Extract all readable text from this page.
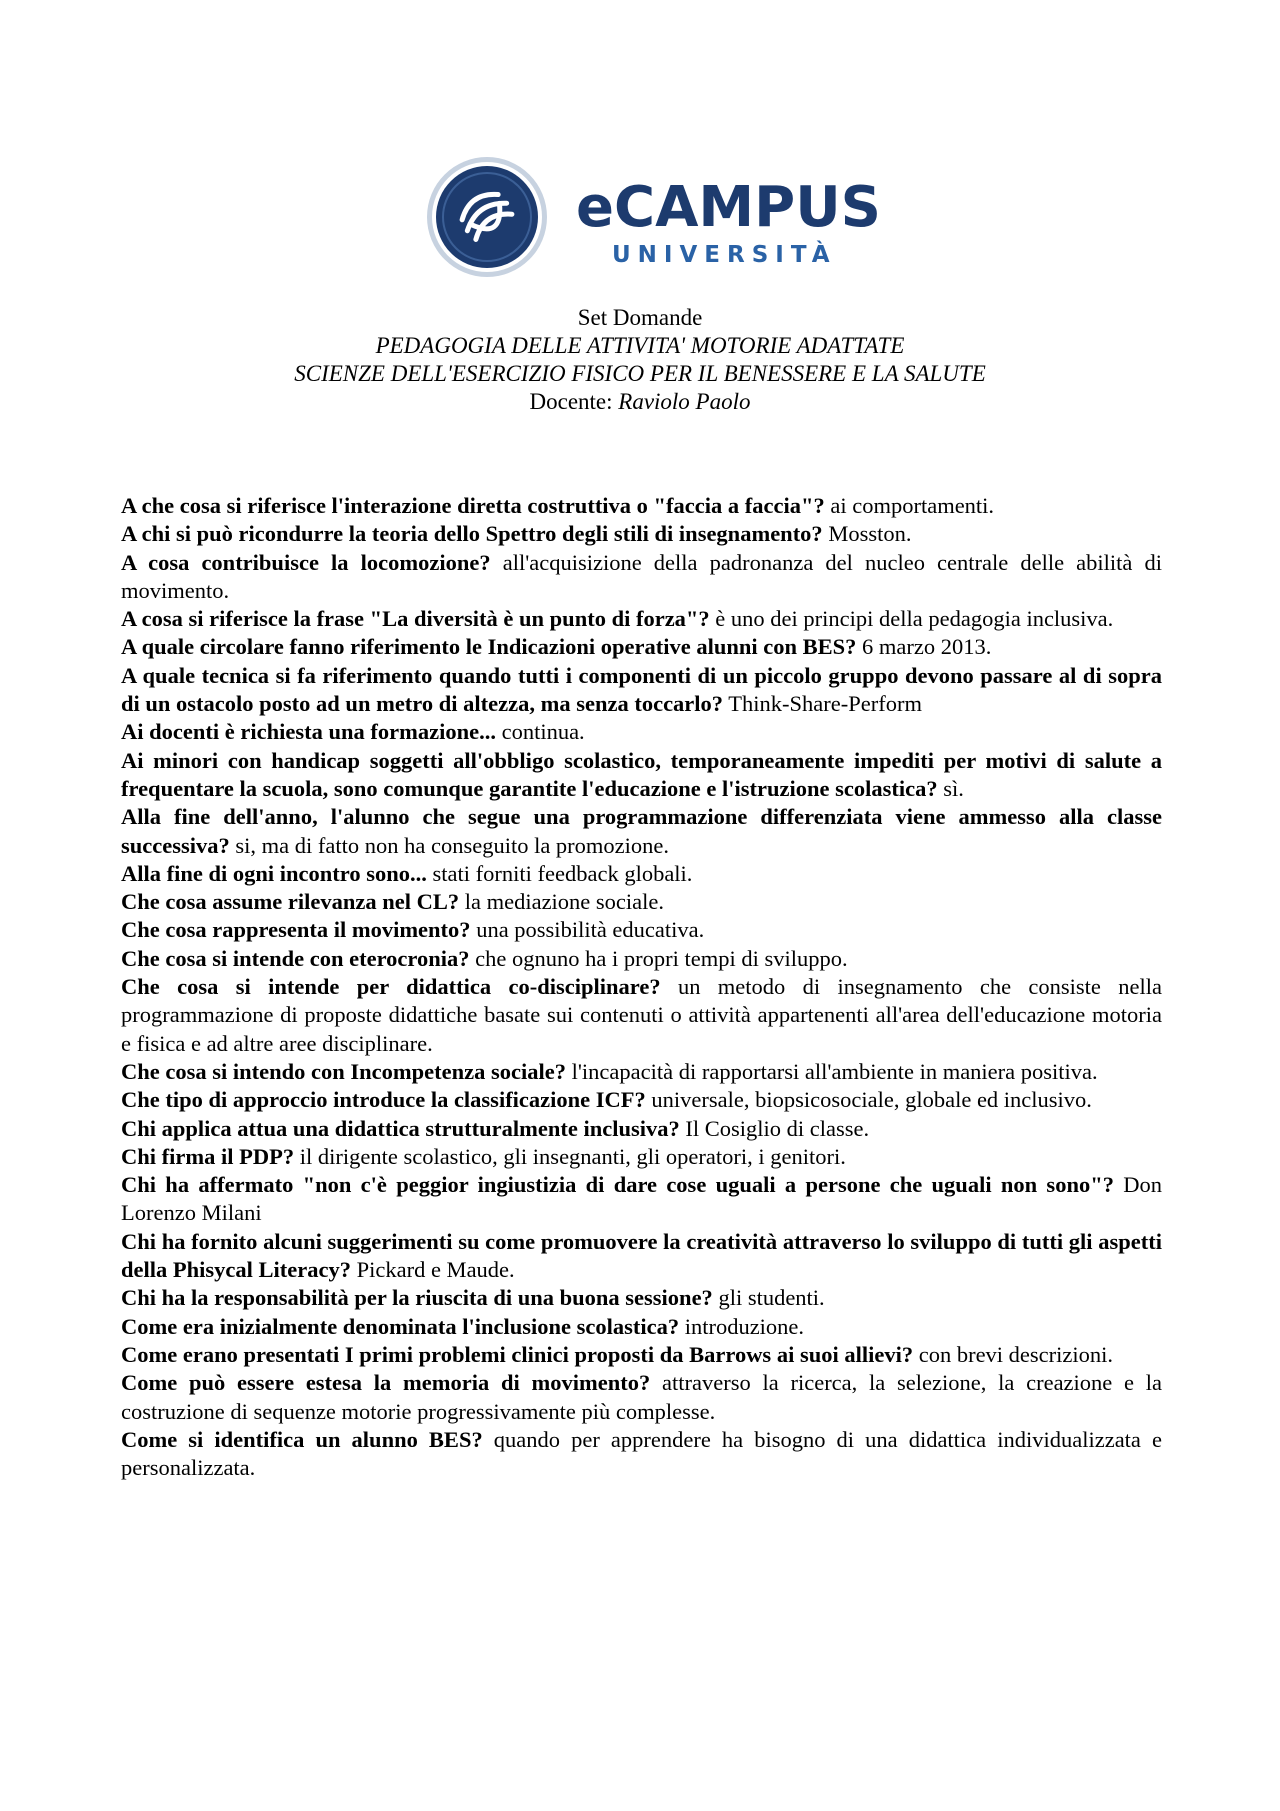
eCAMPUS
UNIVERSITÀ
Set Domande
PEDAGOGIA DELLE ATTIVITA' MOTORIE ADATTATE
SCIENZE DELL'ESERCIZIO FISICO PER IL BENESSERE E LA SALUTE
Docente: Raviolo Paolo

A che cosa si riferisce l'interazione diretta costruttiva o "faccia a faccia"? ai comportamenti.

A chi si può ricondurre la teoria dello Spettro degli stili di insegnamento? Mosston.

A cosa contribuisce la locomozione? all'acquisizione della padronanza del nucleo centrale delle abilità di movimento.

A cosa si riferisce la frase "La diversità è un punto di forza"? è uno dei principi della pedagogia inclusiva.

A quale circolare fanno riferimento le Indicazioni operative alunni con BES? 6 marzo 2013.

A quale tecnica si fa riferimento quando tutti i componenti di un piccolo gruppo devono passare al di sopra di un ostacolo posto ad un metro di altezza, ma senza toccarlo? Think-Share-Perform

Ai docenti è richiesta una formazione... continua.

Ai minori con handicap soggetti all'obbligo scolastico, temporaneamente impediti per motivi di salute a frequentare la scuola, sono comunque garantite l'educazione e l'istruzione scolastica? sì.

Alla fine dell'anno, l'alunno che segue una programmazione differenziata viene ammesso alla classe successiva? si, ma di fatto non ha conseguito la promozione.

Alla fine di ogni incontro sono... stati forniti feedback globali.

Che cosa assume rilevanza nel CL? la mediazione sociale.

Che cosa rappresenta il movimento? una possibilità educativa.

Che cosa si intende con eterocronia? che ognuno ha i propri tempi di sviluppo.

Che cosa si intende per didattica co-disciplinare? un metodo di insegnamento che consiste nella programmazione di proposte didattiche basate sui contenuti o attività appartenenti all'area dell'educazione motoria e fisica e ad altre aree disciplinare.

Che cosa si intendo con Incompetenza sociale? l'incapacità di rapportarsi all'ambiente in maniera positiva.

Che tipo di approccio introduce la classificazione ICF? universale, biopsicosociale, globale ed inclusivo.

Chi applica attua una didattica strutturalmente inclusiva? Il Cosiglio di classe.

Chi firma il PDP? il dirigente scolastico, gli insegnanti, gli operatori, i genitori.

Chi ha affermato "non c'è peggior ingiustizia di dare cose uguali a persone che uguali non sono"? Don Lorenzo Milani

Chi ha fornito alcuni suggerimenti su come promuovere la creatività attraverso lo sviluppo di tutti gli aspetti della Phisycal Literacy? Pickard e Maude.

Chi ha la responsabilità per la riuscita di una buona sessione? gli studenti.

Come era inizialmente denominata l'inclusione scolastica? introduzione.

Come erano presentati I primi problemi clinici proposti da Barrows ai suoi allievi? con brevi descrizioni.

Come può essere estesa la memoria di movimento? attraverso la ricerca, la selezione, la creazione e la costruzione di sequenze motorie progressivamente più complesse.

Come si identifica un alunno BES? quando per apprendere ha bisogno di una didattica individualizzata e personalizzata.
